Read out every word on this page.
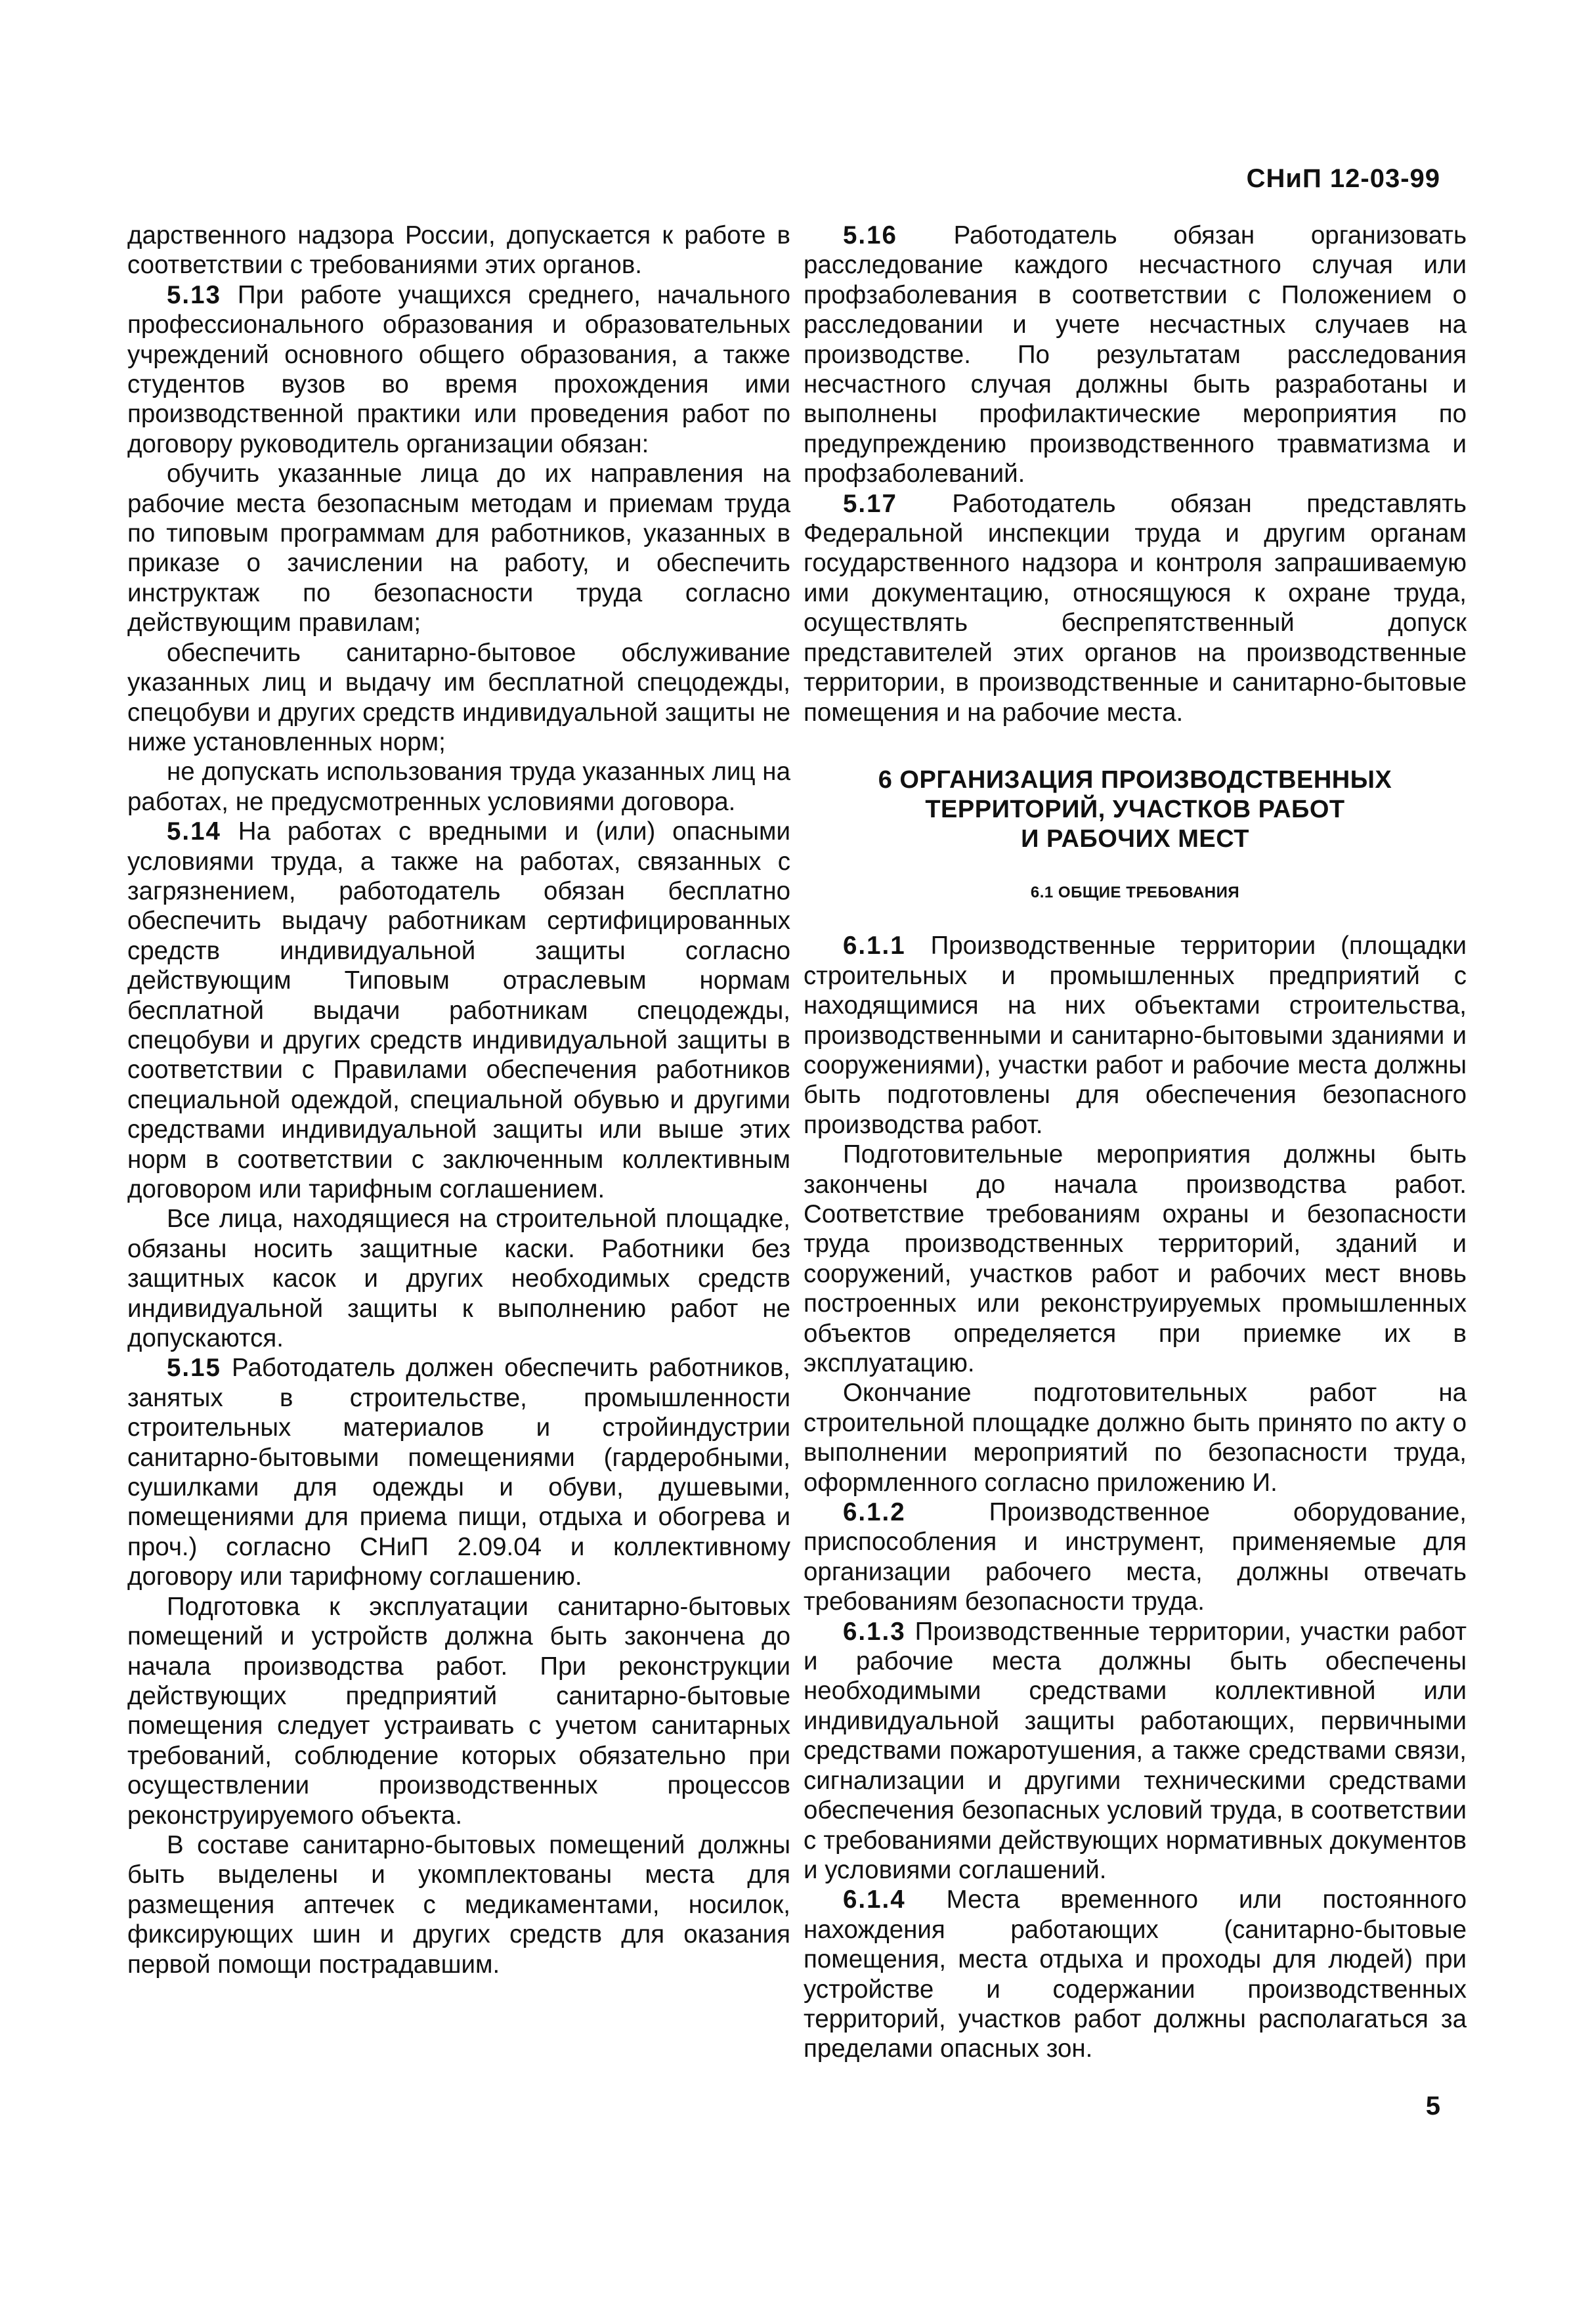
СНиП 12-03-99

дарственного надзора России, допускается к работе в соответствии с требованиями этих органов.

5.13 При работе учащихся среднего, начального профессионального образования и образовательных учреждений основного общего образования, а также студентов вузов во время прохождения ими производственной практики или проведения работ по договору руководитель организации обязан:

обучить указанные лица до их направления на рабочие места безопасным методам и приемам труда по типовым программам для работников, указанных в приказе о зачислении на работу, и обеспечить инструктаж по безопасности труда согласно действующим правилам;

обеспечить санитарно-бытовое обслуживание указанных лиц и выдачу им бесплатной спецодежды, спецобуви и других средств индивидуальной защиты не ниже установленных норм;

не допускать использования труда указанных лиц на работах, не предусмотренных условиями договора.

5.14 На работах с вредными и (или) опасными условиями труда, а также на работах, связанных с загрязнением, работодатель обязан бесплатно обеспечить выдачу работникам сертифицированных средств индивидуальной защиты согласно действующим Типовым отраслевым нормам бесплатной выдачи работникам спецодежды, спецобуви и других средств индивидуальной защиты в соответствии с Правилами обеспечения работников специальной одеждой, специальной обувью и другими средствами индивидуальной защиты или выше этих норм в соответствии с заключенным коллективным договором или тарифным соглашением.

Все лица, находящиеся на строительной площадке, обязаны носить защитные каски. Работники без защитных касок и других необходимых средств индивидуальной защиты к выполнению работ не допускаются.

5.15 Работодатель должен обеспечить работников, занятых в строительстве, промышленности строительных материалов и стройиндустрии санитарно-бытовыми помещениями (гардеробными, сушилками для одежды и обуви, душевыми, помещениями для приема пищи, отдыха и обогрева и проч.) согласно СНиП 2.09.04 и коллективному договору или тарифному соглашению.

Подготовка к эксплуатации санитарно-бытовых помещений и устройств должна быть закончена до начала производства работ. При реконструкции действующих предприятий санитарно-бытовые помещения следует устраивать с учетом санитарных требований, соблюдение которых обязательно при осуществлении производственных процессов реконструируемого объекта.

В составе санитарно-бытовых помещений должны быть выделены и укомплектованы места для размещения аптечек с медикаментами, носилок, фиксирующих шин и других средств для оказания первой помощи пострадавшим.

5.16 Работодатель обязан организовать расследование каждого несчастного случая или профзаболевания в соответствии с Положением о расследовании и учете несчастных случаев на производстве. По результатам расследования несчастного случая должны быть разработаны и выполнены профилактические мероприятия по предупреждению производственного травматизма и профзаболеваний.

5.17 Работодатель обязан представлять Федеральной инспекции труда и другим органам государственного надзора и контроля запрашиваемую ими документацию, относящуюся к охране труда, осуществлять беспрепятственный допуск представителей этих органов на производственные территории, в производственные и санитарно-бытовые помещения и на рабочие места.

6 ОРГАНИЗАЦИЯ ПРОИЗВОДСТВЕННЫХ
ТЕРРИТОРИЙ, УЧАСТКОВ РАБОТ
И РАБОЧИХ МЕСТ
6.1 ОБЩИЕ ТРЕБОВАНИЯ

6.1.1 Производственные территории (площадки строительных и промышленных предприятий с находящимися на них объектами строительства, производственными и санитарно-бытовыми зданиями и сооружениями), участки работ и рабочие места должны быть подготовлены для обеспечения безопасного производства работ.

Подготовительные мероприятия должны быть закончены до начала производства работ. Соответствие требованиям охраны и безопасности труда производственных территорий, зданий и сооружений, участков работ и рабочих мест вновь построенных или реконструируемых промышленных объектов определяется при приемке их в эксплуатацию.

Окончание подготовительных работ на строительной площадке должно быть принято по акту о выполнении мероприятий по безопасности труда, оформленного согласно приложению И.

6.1.2 Производственное оборудование, приспособления и инструмент, применяемые для организации рабочего места, должны отвечать требованиям безопасности труда.

6.1.3 Производственные территории, участки работ и рабочие места должны быть обеспечены необходимыми средствами коллективной или индивидуальной защиты работающих, первичными средствами пожаротушения, а также средствами связи, сигнализации и другими техническими средствами обеспечения безопасных условий труда, в соответствии с требованиями действующих нормативных документов и условиями соглашений.

6.1.4 Места временного или постоянного нахождения работающих (санитарно-бытовые помещения, места отдыха и проходы для людей) при устройстве и содержании производственных территорий, участков работ должны располагаться за пределами опасных зон.

5
